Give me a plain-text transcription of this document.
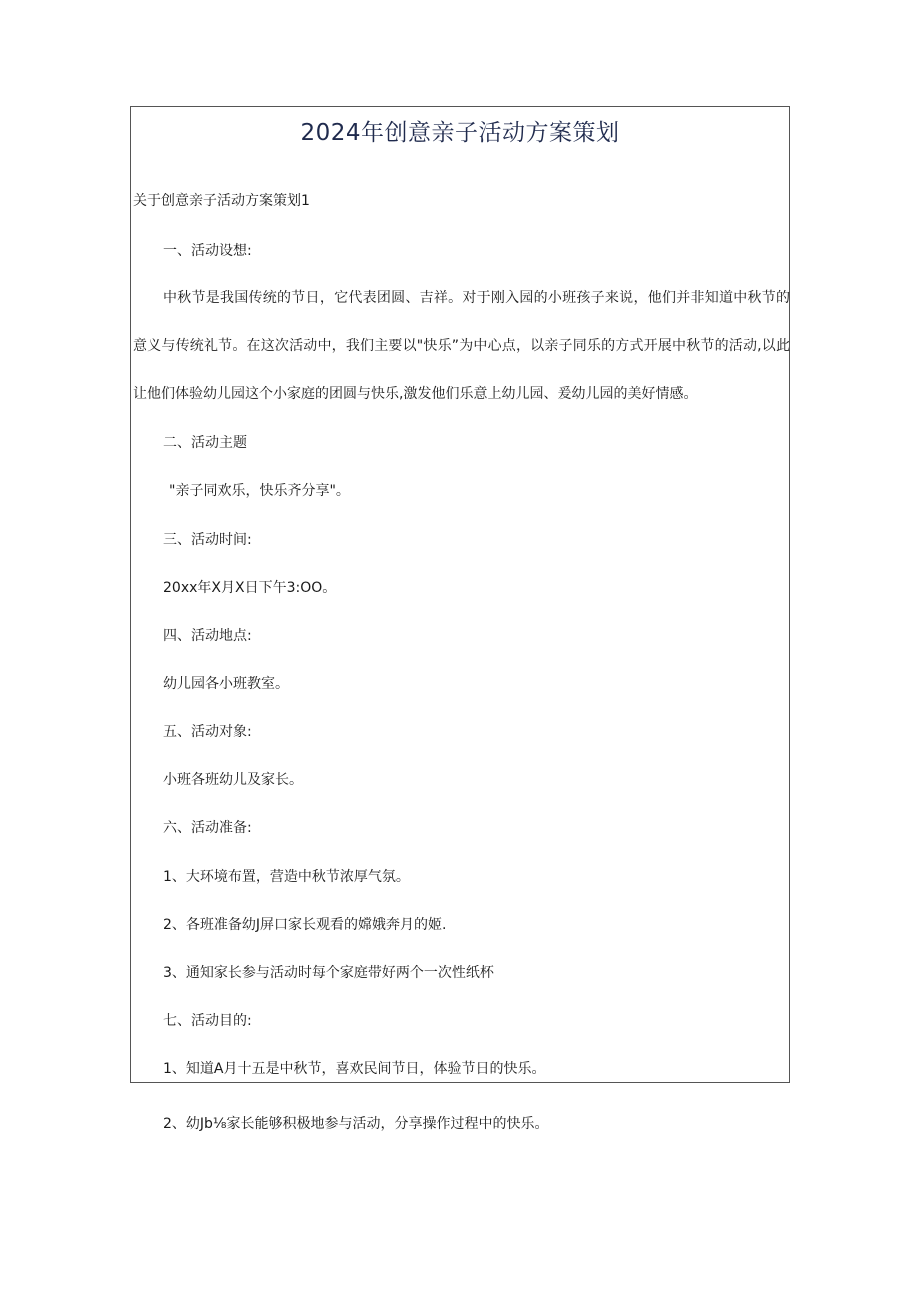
2024年创意亲子活动方案策划
关于创意亲子活动方案策划1
一、活动设想:
中秋节是我国传统的节日，它代表团圆、吉祥。对于刚入园的小班孩子来说，他们并非知道中秋节的意义与传统礼节。在这次活动中，我们主要以"快乐”为中心点，以亲子同乐的方式开展中秋节的活动,以此让他们体验幼儿园这个小家庭的团圆与快乐,激发他们乐意上幼儿园、爰幼儿园的美好情感。
二、活动主题
"亲子同欢乐，快乐齐分享"。
三、活动时间:
20xx年X月X日下午3:OO。
四、活动地点:
幼儿园各小班教室。
五、活动对象:
小班各班幼儿及家长。
六、活动准备:
1、大环境布置，营造中秋节浓厚气氛。
2、各班准备幼J屏口家长观看的嫦娥奔月的姬.
3、通知家长参与活动时每个家庭带好两个一次性纸杯
七、活动目的:
1、知道A月十五是中秋节，喜欢民间节日，体验节日的快乐。
2、幼Jb⅛家长能够积极地参与活动，分享操作过程中的快乐。
